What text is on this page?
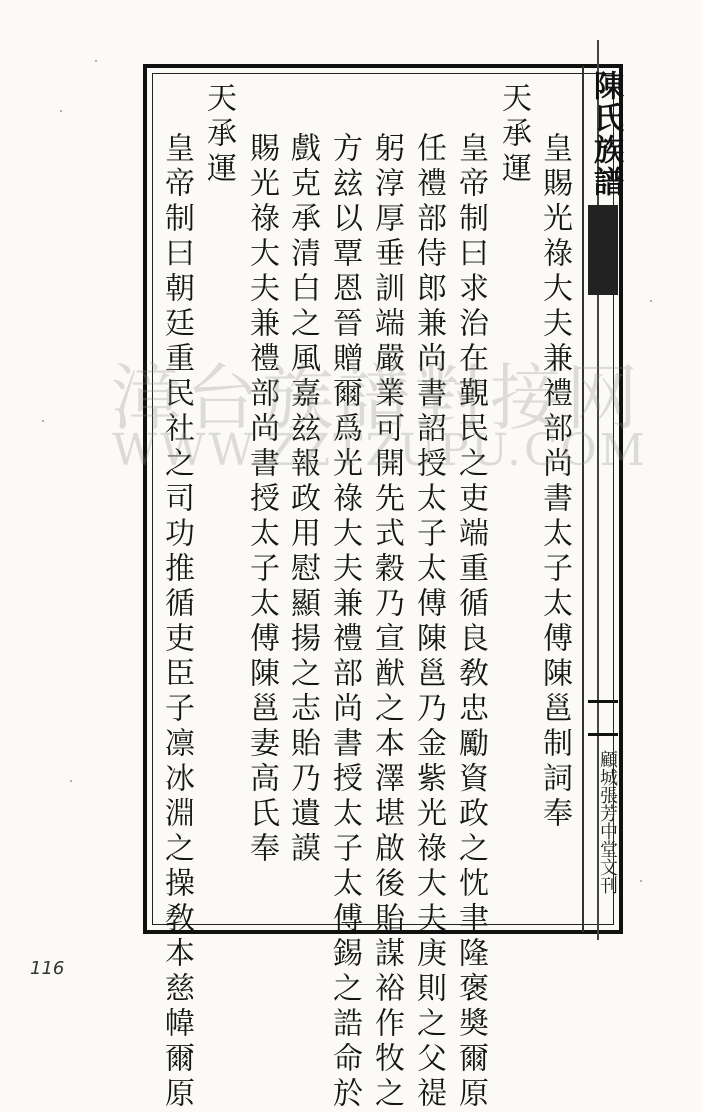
陳氏族譜
顧城張芳中堂文刊
皇賜光祿大夫兼禮部尚書太子太傅陳邕制詞奉
天承運
皇帝制曰求治在覲民之吏端重循良敎忠勵資政之忱聿隆褒奬爾原
任禮部侍郎兼尚書詔授太子太傅陳邕乃金紫光祿大夫庚則之父禔
躬淳厚垂訓端嚴業可開先式穀乃宣猷之本澤堪啟後貽謀裕作牧之
方玆以覃恩晉贈爾爲光祿大夫兼禮部尚書授太子太傅錫之誥命於
戲克承清白之風嘉玆報政用慰顯揚之志貽乃遺謨
賜光祿大夫兼禮部尚書授太子太傅陳邕妻高氏奉
天承運
皇帝制曰朝廷重民社之司功推循吏臣子凛冰淵之操敎本慈幃爾原
漳台族譜對接网
WWW.ZZTZUPU.COM
116
